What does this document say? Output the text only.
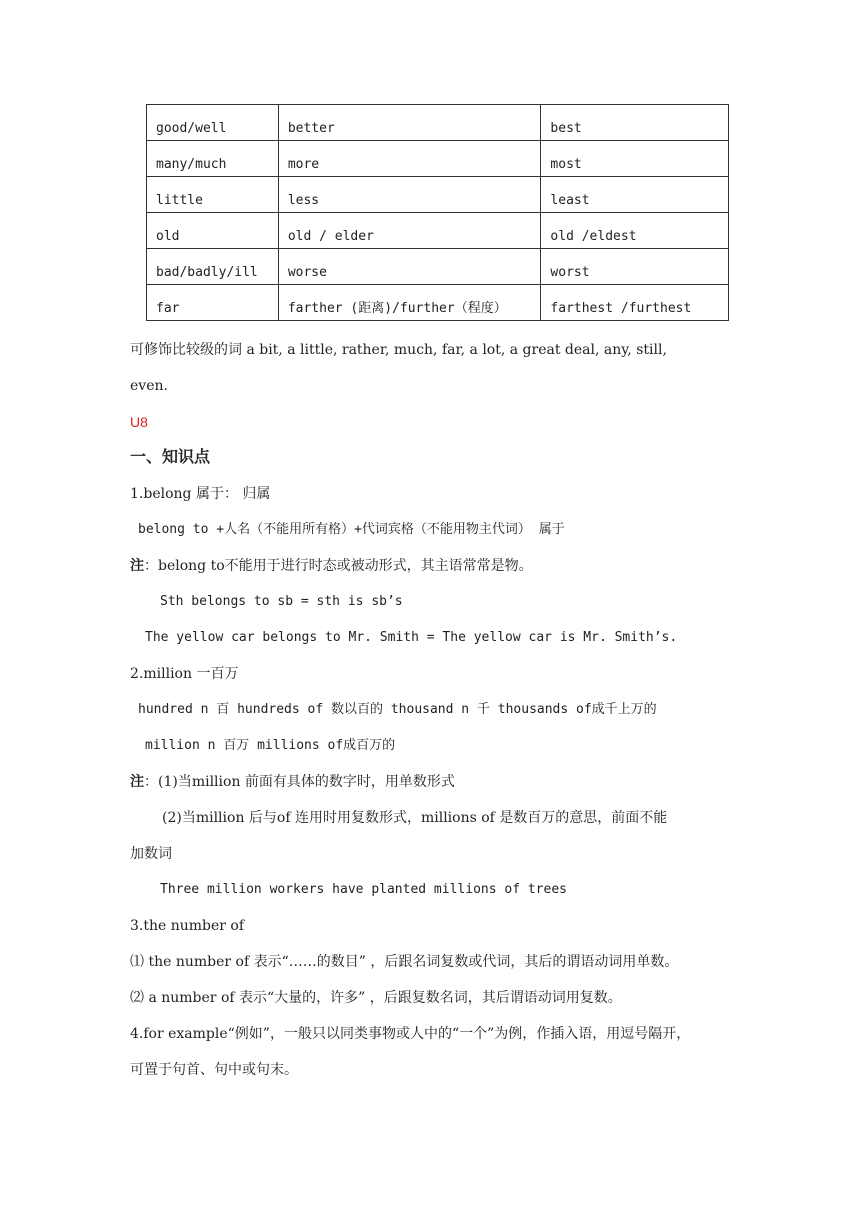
good/well	better	best
many/much	more	most
little	less	least
old	old / elder	old /eldest
bad/badly/ill	worse	worst
far	farther (距离)/further（程度）	farthest /furthest
可修饰比较级的词 a bit, a little, rather, much, far, a lot, a great deal, any, still,
even.
U8
一、知识点
1.belong 属于： 归属
belong to +人名（不能用所有格）+代词宾格（不能用物主代词） 属于
注：belong to不能用于进行时态或被动形式，其主语常常是物。
Sth belongs to sb = sth is sb’s
The yellow car belongs to Mr. Smith = The yellow car is Mr. Smith’s.
2.million 一百万
hundred n 百 hundreds of 数以百的 thousand n 千 thousands of成千上万的
million n 百万 millions of成百万的
注：(1)当million 前面有具体的数字时，用单数形式
(2)当million 后与of 连用时用复数形式，millions of 是数百万的意思，前面不能
加数词
Three million workers have planted millions of trees
3.the number of
⑴ the number of 表示“……的数目” ，后跟名词复数或代词，其后的谓语动词用单数。
⑵ a number of 表示“大量的，许多” ，后跟复数名词，其后谓语动词用复数。
4.for example“例如”，一般只以同类事物或人中的“一个”为例，作插入语，用逗号隔开，
可置于句首、句中或句末。
